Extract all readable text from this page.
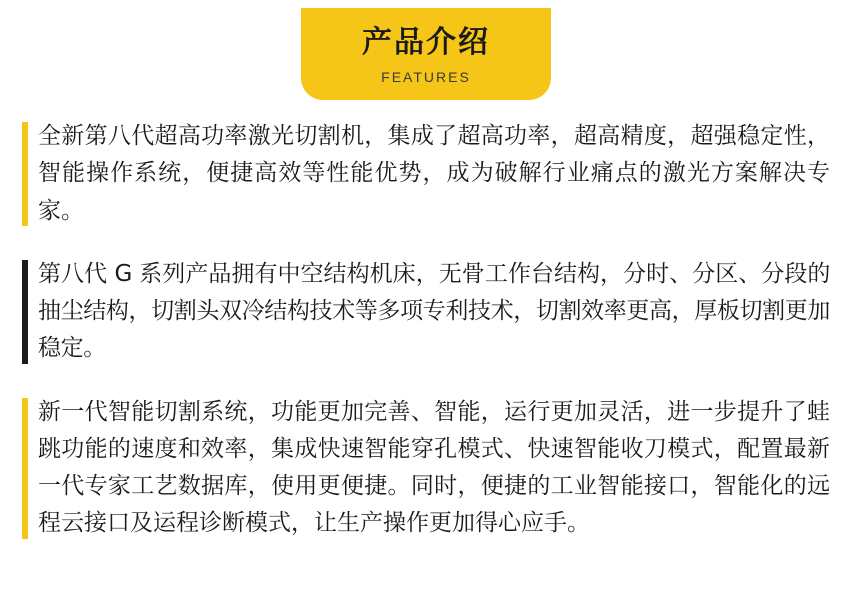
产品介绍
FEATURES

全新第八代超高功率激光切割机，集成了超高功率，超高精度，超强稳定性，智能操作系统，便捷高效等性能优势，成为破解行业痛点的激光方案解决专家。

第八代 G 系列产品拥有中空结构机床，无骨工作台结构，分时、分区、分段的抽尘结构，切割头双冷结构技术等多项专利技术，切割效率更高，厚板切割更加稳定。

新一代智能切割系统，功能更加完善、智能，运行更加灵活，进一步提升了蛙跳功能的速度和效率，集成快速智能穿孔模式、快速智能收刀模式，配置最新一代专家工艺数据库，使用更便捷。同时，便捷的工业智能接口，智能化的远程云接口及运程诊断模式，让生产操作更加得心应手。
